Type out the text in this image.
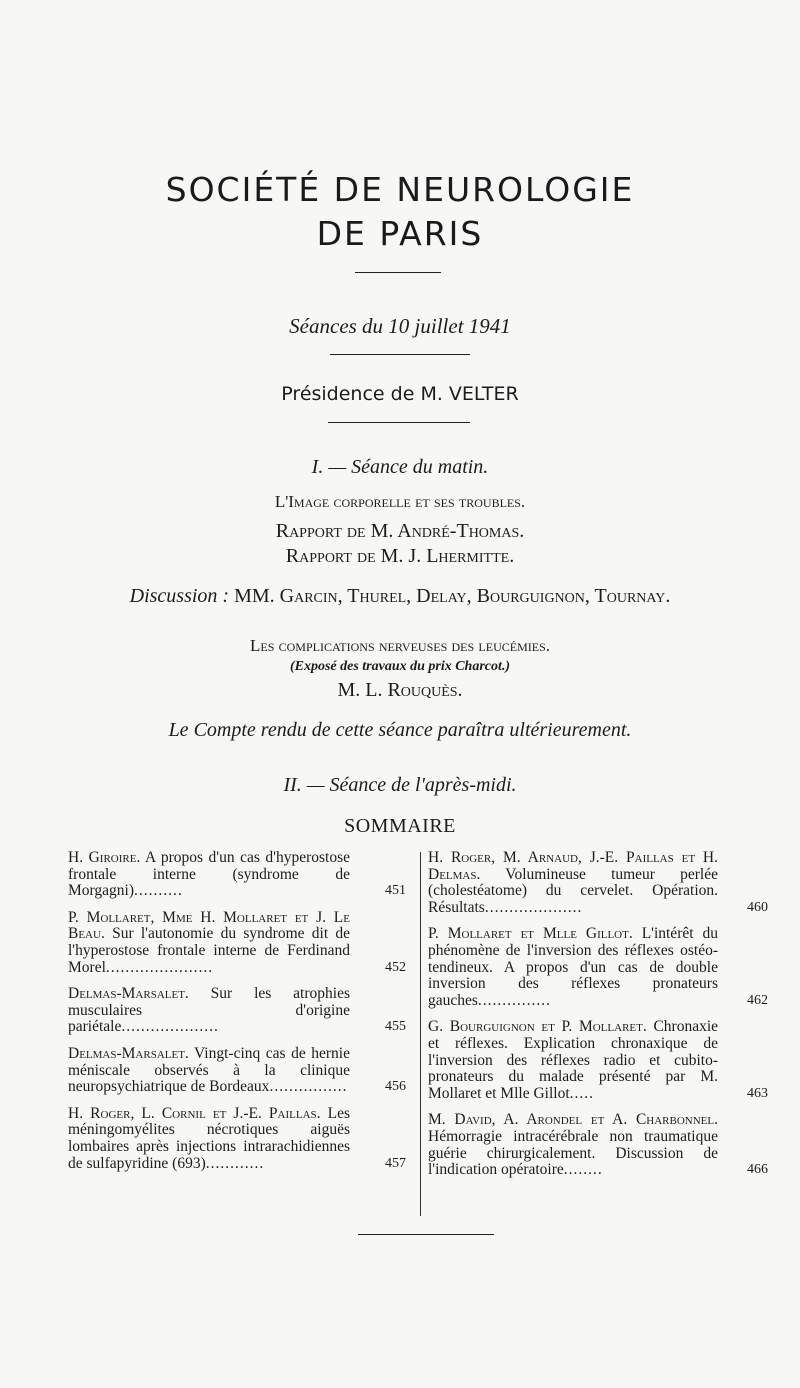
SOCIÉTÉ DE NEUROLOGIE
DE PARIS
Séances du 10 juillet 1941
Présidence de M. VELTER
I. — Séance du matin.
L'Image corporelle et ses troubles.
Rapport de M. André-Thomas.
Rapport de M. J. Lhermitte.
Discussion : MM. Garcin, Thurel, Delay, Bourguignon, Tournay.
Les complications nerveuses des leucémies.
(Exposé des travaux du prix Charcot.)
M. L. Rouquès.
Le Compte rendu de cette séance paraîtra ultérieurement.
II. — Séance de l'après-midi.
SOMMAIRE
H. Giroire. A propos d'un cas d'hyperostose frontale interne (syndrome de Morgagni)..........	451
P. Mollaret, Mme H. Mollaret et J. Le Beau. Sur l'autonomie du syndrome dit de l'hyperostose frontale interne de Ferdinand Morel......................	452
Delmas-Marsalet. Sur les atrophies musculaires d'origine pariétale....................	455
Delmas-Marsalet. Vingt-cinq cas de hernie méniscale observés à la clinique neuropsychiatrique de Bordeaux................	456
H. Roger, L. Cornil et J.-E. Paillas. Les méningomyélites nécrotiques aiguës lombaires après injections intrarachidiennes de sulfapyridine (693)............	457
H. Roger, M. Arnaud, J.-E. Paillas et H. Delmas. Volumineuse tumeur perlée (cholestéatome) du cervelet. Opération. Résultats....................	460
P. Mollaret et Mlle Gillot. L'intérêt du phénomène de l'inversion des réflexes ostéo-tendineux. A propos d'un cas de double inversion des réflexes pronateurs gauches...............	462
G. Bourguignon et P. Mollaret. Chronaxie et réflexes. Explication chronaxique de l'inversion des réflexes radio et cubito-pronateurs du malade présenté par M. Mollaret et Mlle Gillot.....	463
M. David, A. Arondel et A. Charbonnel. Hémorragie intracérébrale non traumatique guérie chirurgicalement. Discussion de l'indication opératoire........	466
